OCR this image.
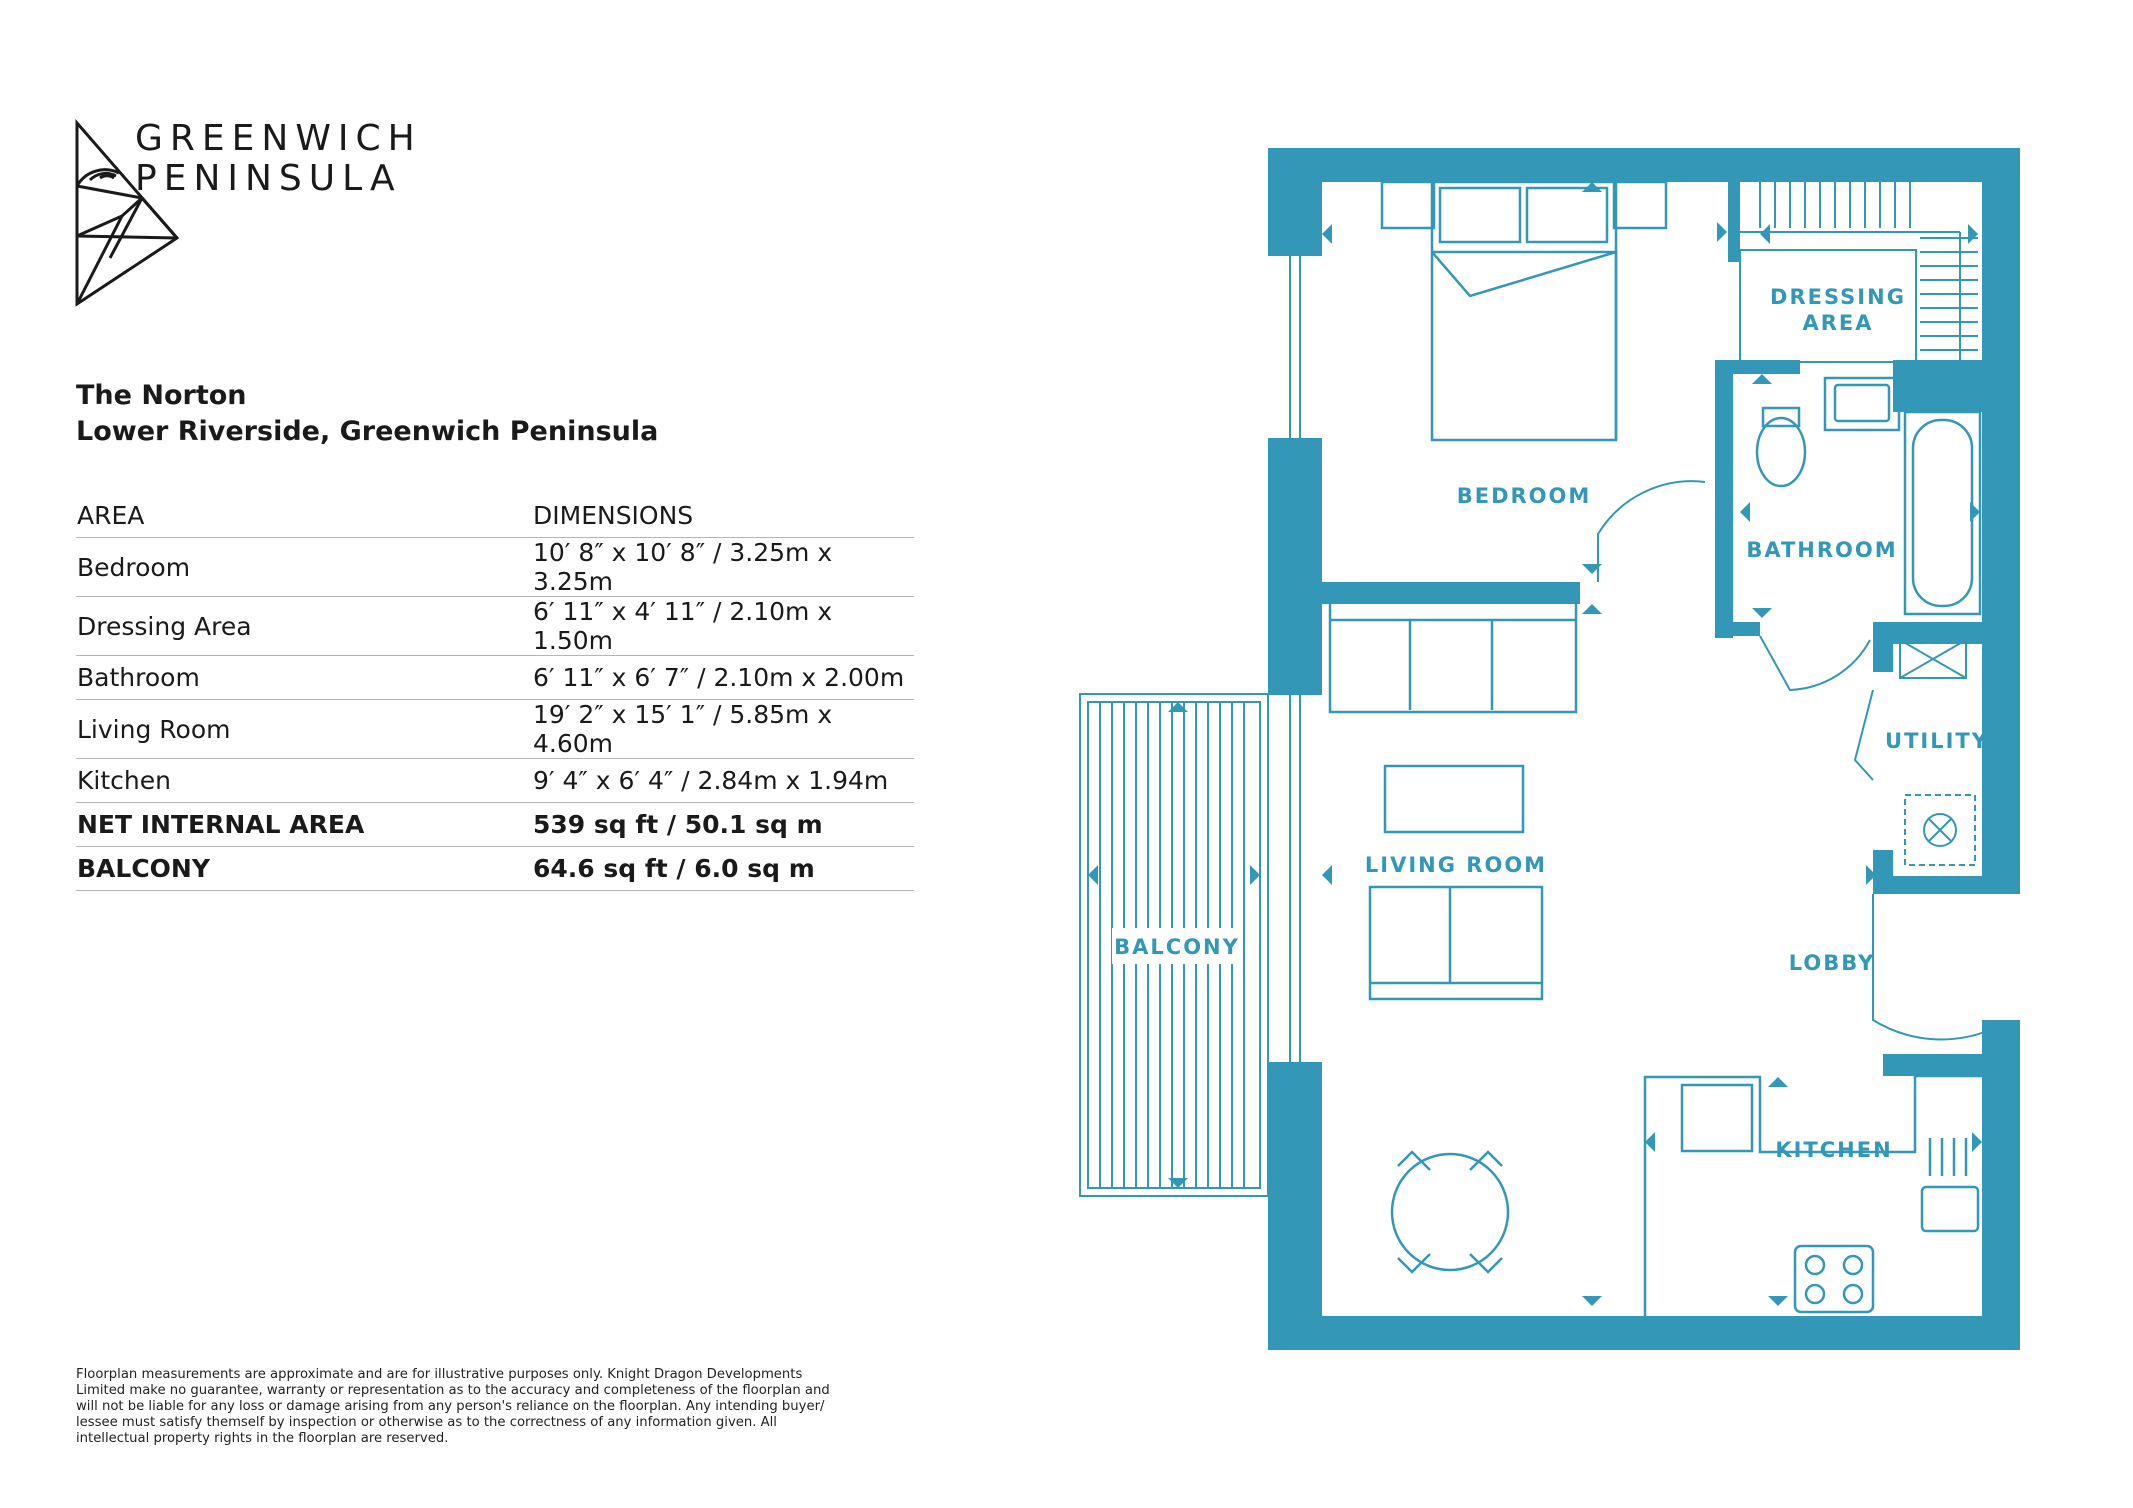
GREENWICH
PENINSULA
The Norton
Lower Riverside, Greenwich Peninsula
AREA	DIMENSIONS
Bedroom	10′ 8″ x 10′ 8″ / 3.25m x 3.25m
Dressing Area	6′ 11″ x 4′ 11″ / 2.10m x 1.50m
Bathroom	6′ 11″ x 6′ 7″ / 2.10m x 2.00m
Living Room	19′ 2″ x 15′ 1″ / 5.85m x 4.60m
Kitchen	9′ 4″ x 6′ 4″ / 2.84m x 1.94m
NET INTERNAL AREA	539 sq ft / 50.1 sq m
BALCONY	64.6 sq ft / 6.0 sq m
Floorplan measurements are approximate and are for illustrative purposes only. Knight Dragon Developments Limited make no guarantee, warranty or representation as to the accuracy and completeness of the floorplan and will not be liable for any loss or damage arising from any person's reliance on the floorplan. Any intending buyer/ lessee must satisfy themself by inspection or otherwise as to the correctness of any information given. All intellectual property rights in the floorplan are reserved.
BEDROOM
DRESSING
AREA
BATHROOM
UTILITY
LIVING ROOM
LOBBY
KITCHEN
BALCONY
